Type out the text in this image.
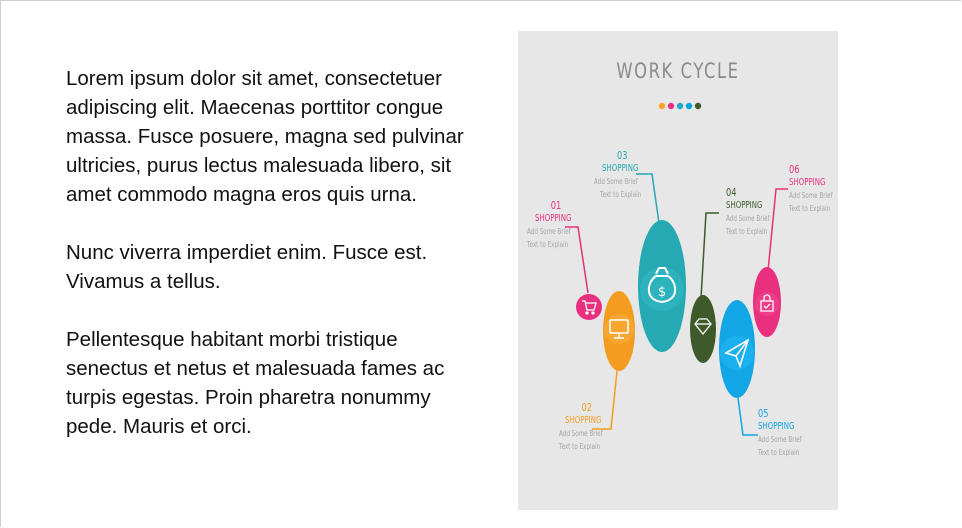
Lorem ipsum dolor sit amet, consectetuer adipiscing elit. Maecenas porttitor congue massa. Fusce posuere, magna sed pulvinar ultricies, purus lectus malesuada libero, sit amet commodo magna eros quis urna.

Nunc viverra imperdiet enim. Fusce est. Vivamus a tellus.

Pellentesque habitant morbi tristique senectus et netus et malesuada fames ac turpis egestas. Proin pharetra nonummy pede. Mauris et orci.

WORK CYCLE
$
01
SHOPPING
Add Some Brief
Text to Explain
02
SHOPPING
Add Some Brief
Text to Explain
03
SHOPPING
Add Some Brief
Text to Explain	04
SHOPPING
Add Some Brief
Text to Explain
05
SHOPPING
Add Some Brief
Text to Explain
06
SHOPPING
Add Some Brief
Text to Explain
